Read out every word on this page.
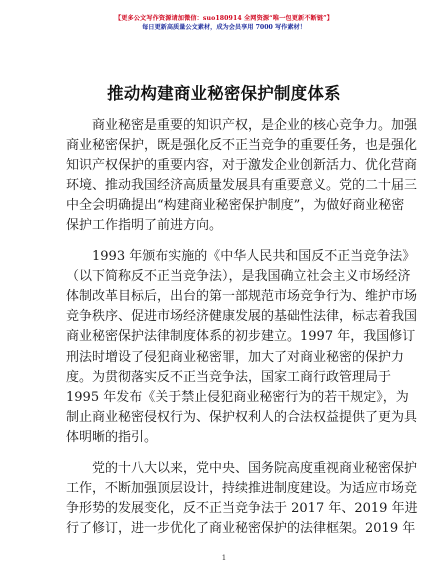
【更多公文写作资源请加微信：suo180914 全网资源“唯一包更新不断链”】
每日更新高质量公文素材，成为会员享用 7000 写作素材！
推动构建商业秘密保护制度体系
商业秘密是重要的知识产权，是企业的核心竞争力。加强
商业秘密保护，既是强化反不正当竞争的重要任务，也是强化
知识产权保护的重要内容，对于激发企业创新活力、优化营商
环境、推动我国经济高质量发展具有重要意义。党的二十届三
中全会明确提出“构建商业秘密保护制度”，为做好商业秘密
保护工作指明了前进方向。
1993 年颁布实施的《中华人民共和国反不正当竞争法》
（以下简称反不正当竞争法），是我国确立社会主义市场经济
体制改革目标后，出台的第一部规范市场竞争行为、维护市场
竞争秩序、促进市场经济健康发展的基础性法律，标志着我国
商业秘密保护法律制度体系的初步建立。1997 年，我国修订
刑法时增设了侵犯商业秘密罪，加大了对商业秘密的保护力
度。为贯彻落实反不正当竞争法，国家工商行政管理局于
1995 年发布《关于禁止侵犯商业秘密行为的若干规定》，为
制止商业秘密侵权行为、保护权利人的合法权益提供了更为具
体明晰的指引。
党的十八大以来，党中央、国务院高度重视商业秘密保护
工作，不断加强顶层设计，持续推进制度建设。为适应市场竞
争形势的发展变化，反不正当竞争法于 2017 年、2019 年进
行了修订，进一步优化了商业秘密保护的法律框架。2019 年
1
